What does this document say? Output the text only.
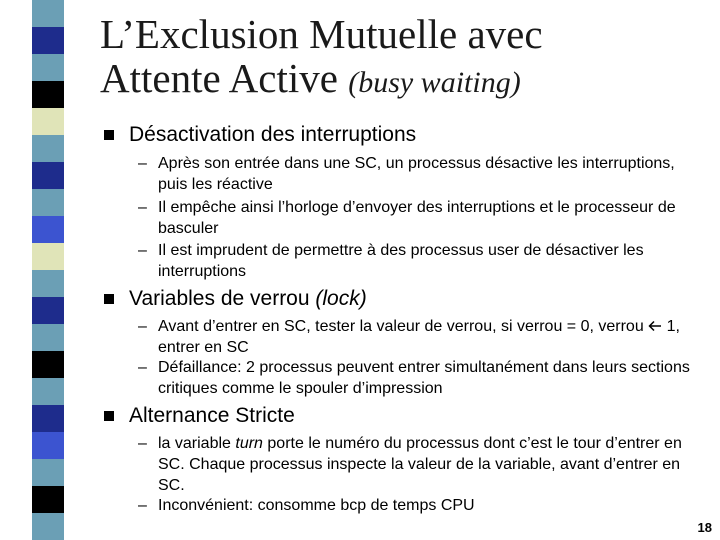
L’Exclusion Mutuelle avec
Attente Active (busy waiting)
Désactivation des interruptions
– Après son entrée dans une SC, un processus désactive les interruptions, puis les réactive
– Il empêche ainsi l’horloge d’envoyer des interruptions et le processeur de basculer
– Il est imprudent de permettre à des processus user de désactiver les interruptions
Variables de verrou (lock)
– Avant d’entrer en SC, tester la valeur de verrou, si verrou = 0, verrou  1, entrer en SC
– Défaillance: 2 processus peuvent entrer simultanément dans leurs sections critiques comme le spouler d’impression
Alternance Stricte
– la variable turn porte le numéro du processus dont c’est le tour d’entrer en SC. Chaque processus inspecte la valeur de la variable, avant d’entrer en SC.
– Inconvénient: consomme bcp de temps CPU
18
